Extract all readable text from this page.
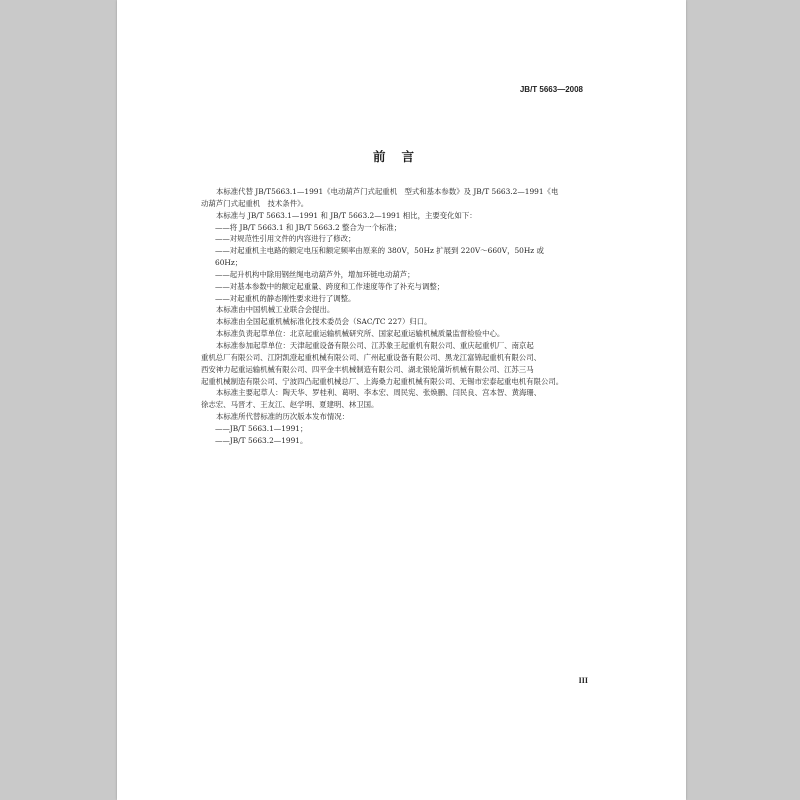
JB/T 5663—2008
前言

本标准代替 JB/T5663.1—1991《电动葫芦门式起重机　型式和基本参数》及 JB/T 5663.2—1991《电

动葫芦门式起重机　技术条件》。

本标准与 JB/T 5663.1—1991 和 JB/T 5663.2—1991 相比，主要变化如下：

——将 JB/T 5663.1 和 JB/T 5663.2 整合为一个标准；

——对规范性引用文件的内容进行了修改；

——对起重机主电路的额定电压和额定频率由原来的 380V，50Hz 扩展到 220V～660V，50Hz 或

60Hz；

——起升机构中除用钢丝绳电动葫芦外，增加环链电动葫芦；

——对基本参数中的额定起重量、跨度和工作速度等作了补充与调整；

——对起重机的静态刚性要求进行了调整。

本标准由中国机械工业联合会提出。

本标准由全国起重机械标准化技术委员会（SAC/TC 227）归口。

本标准负责起草单位：北京起重运输机械研究所、国家起重运输机械质量监督检验中心。

本标准参加起草单位：天津起重设备有限公司、江苏象王起重机有限公司、重庆起重机厂、南京起

重机总厂有限公司、江阴凯澄起重机械有限公司、广州起重设备有限公司、黑龙江富锦起重机有限公司、

西安神力起重运输机械有限公司、四平金丰机械制造有限公司、湖北银轮蒲圻机械有限公司、江苏三马

起重机械制造有限公司、宁波四凸起重机械总厂、上海桑力起重机械有限公司、无锡市宏泰起重电机有限公司。

本标准主要起草人：陶天华、罗桂利、葛明、李本宏、周民宪、张焕鹏、闫民良、宫本智、黄海珊、

徐志宏、马晋才、王友江、赵学明、夏建明、林卫国。

本标准所代替标准的历次版本发布情况：

——JB/T 5663.1—1991；

——JB/T 5663.2—1991。

III
